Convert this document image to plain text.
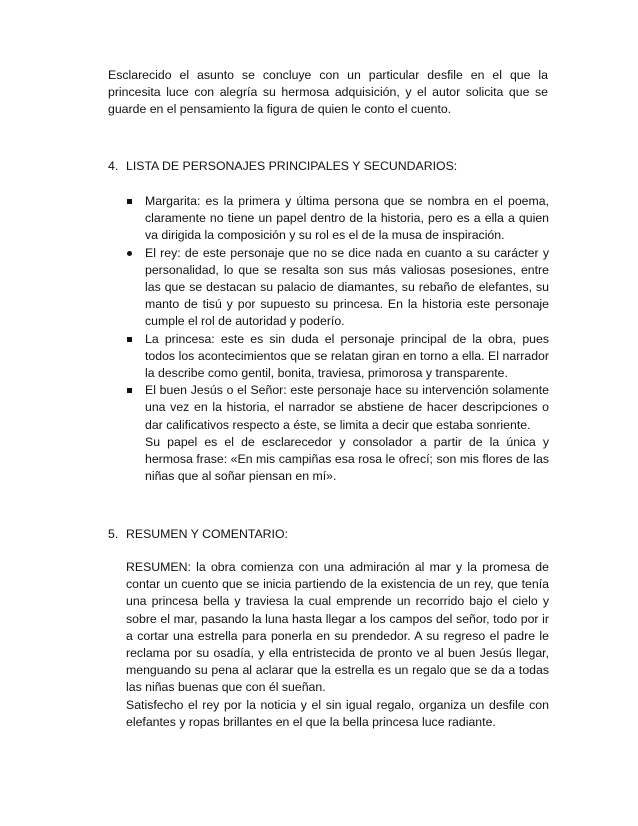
Esclarecido el asunto se concluye con un particular desfile en el que la princesita luce con alegría su hermosa adquisición, y el autor solicita que se guarde en el pensamiento la figura de quien le conto el cuento.

4. LISTA DE PERSONAJES PRINCIPALES Y SECUNDARIOS:

Margarita: es la primera y última persona que se nombra en el poema, claramente no tiene un papel dentro de la historia, pero es a ella a quien va dirigida la composición y su rol es el de la musa de inspiración.

El rey: de este personaje que no se dice nada en cuanto a su carácter y personalidad, lo que se resalta son sus más valiosas posesiones, entre las que se destacan su palacio de diamantes, su rebaño de elefantes, su manto de tisú y por supuesto su princesa. En la historia este personaje cumple el rol de autoridad y poderío.

La princesa: este es sin duda el personaje principal de la obra, pues todos los acontecimientos que se relatan giran en torno a ella. El narrador la describe como gentil, bonita, traviesa, primorosa y transparente.

El buen Jesús o el Señor: este personaje hace su intervención solamente una vez en la historia, el narrador se abstiene de hacer descripciones o dar calificativos respecto a éste, se limita a decir que estaba sonriente.

Su papel es el de esclarecedor y consolador a partir de la única y hermosa frase: «En mis campiñas esa rosa le ofrecí; son mis flores de las niñas que al soñar piensan en mí».

5. RESUMEN Y COMENTARIO:

RESUMEN: la obra comienza con una admiración al mar y la promesa de contar un cuento que se inicia partiendo de la existencia de un rey, que tenía una princesa bella y traviesa la cual emprende un recorrido bajo el cielo y sobre el mar, pasando la luna hasta llegar a los campos del señor, todo por ir a cortar una estrella para ponerla en su prendedor. A su regreso el padre le reclama por su osadía, y ella entristecida de pronto ve al buen Jesús llegar, menguando su pena al aclarar que la estrella es un regalo que se da a todas las niñas buenas que con él sueñan.

Satisfecho el rey por la noticia y el sin igual regalo, organiza un desfile con elefantes y ropas brillantes en el que la bella princesa luce radiante.
